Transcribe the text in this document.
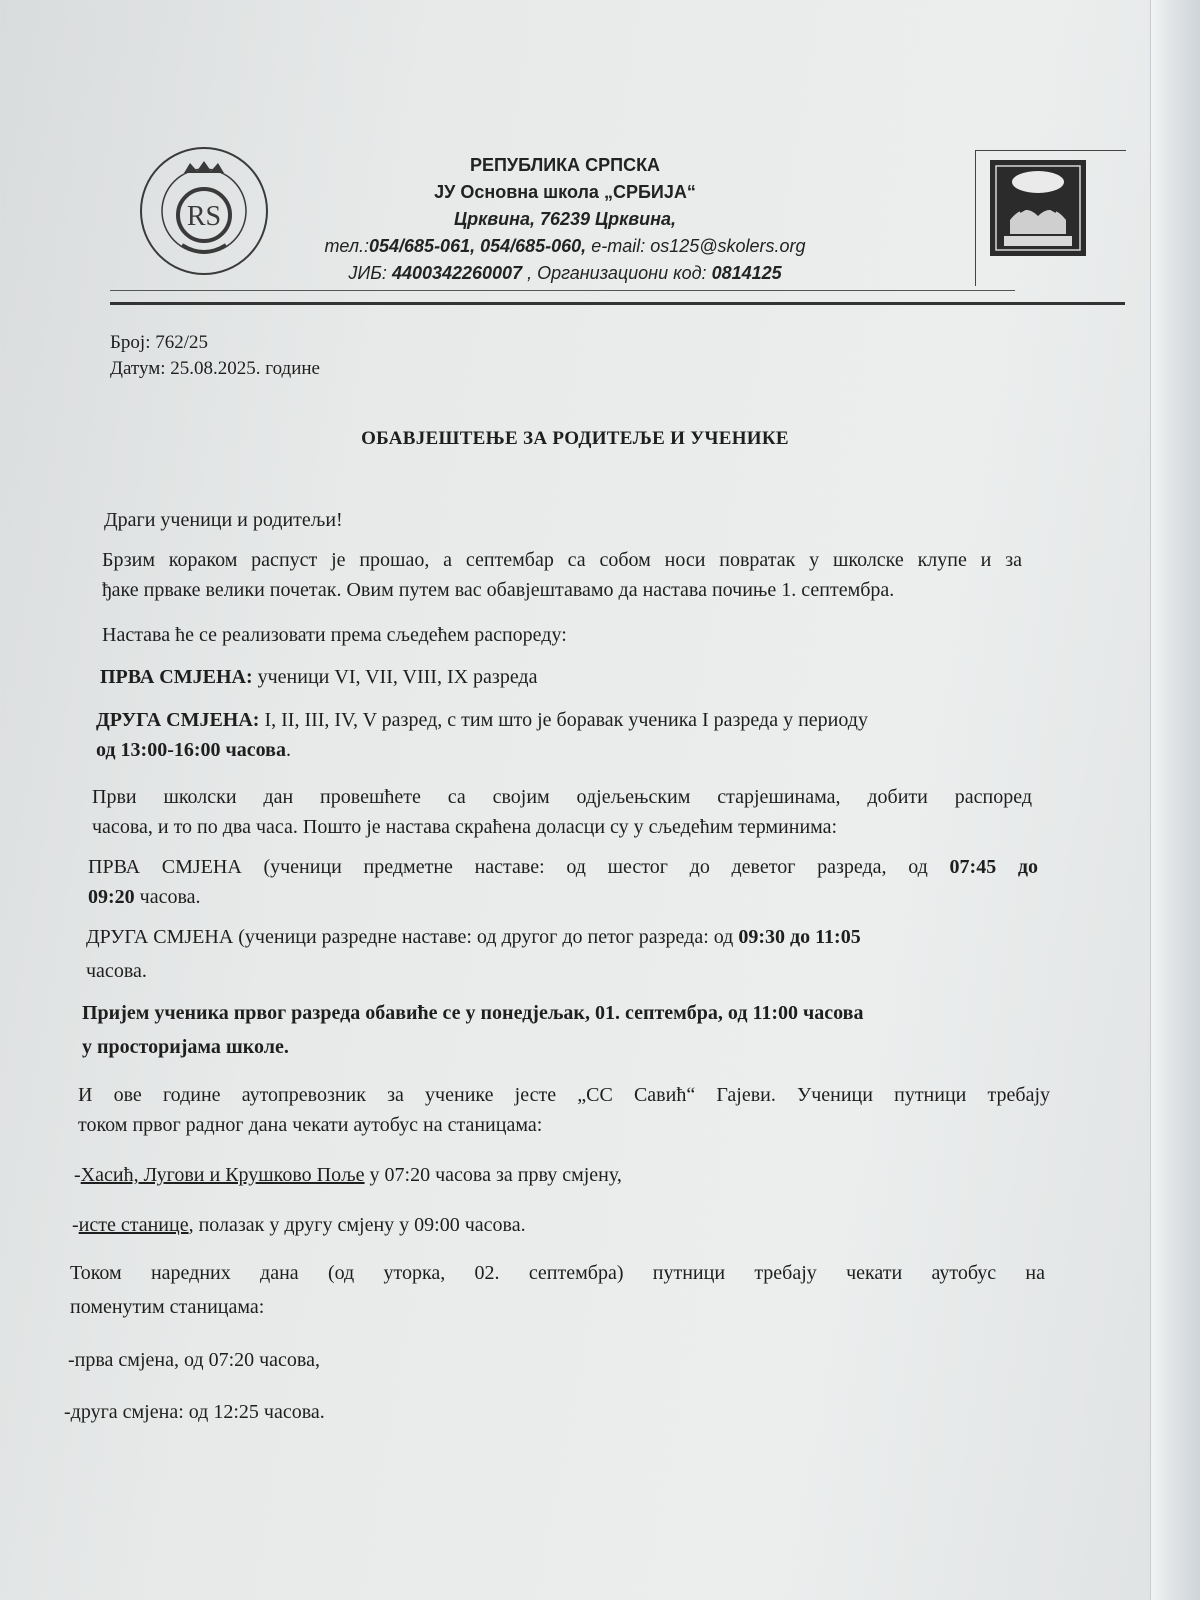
RS
РЕПУБЛИКА СРПСКА
ЈУ Основна школа „СРБИЈА“
Црквина, 76239 Црквина,
тел.:054/685-061, 054/685-060, e-mail: os125@skolers.org
ЈИБ: 4400342260007 , Организациони код: 0814125
Број: 762/25
Датум: 25.08.2025. године
ОБАВЈЕШТЕЊЕ ЗА РОДИТЕЉЕ И УЧЕНИКЕ
Драги ученици и родитељи!
Брзим кораком распуст је прошао, а септембар са собом носи повратак у школске клупе и за
ђаке прваке велики почетак. Овим путем вас обавјештавамо да настава почиње 1. септембра.
Настава ће се реализовати према сљедећем распореду:
ПРВА СМЈЕНА: ученици VI, VII, VIII, IX разреда
ДРУГА СМЈЕНА: I, II, III, IV, V разред, с тим што је боравак ученика I разреда у периоду
од 13:00-16:00 часова.
Први школски дан провешћете са својим одјељењским старјешинама, добити распоред
часова, и то по два часа. Пошто је настава скраћена доласци су у сљедећим терминима:
ПРВА СМЈЕНА (ученици предметне наставе: од шестог до деветог разреда, од 07:45 до
09:20 часова.
ДРУГА СМЈЕНА (ученици разредне наставе: од другог до петог разреда: од 09:30 до 11:05
часова.
Пријем ученика првог разреда обавиће се у понедјељак, 01. септембра, од 11:00 часова
у просторијама школе.
И ове године аутопревозник за ученике јесте „СС Савић“ Гајеви. Ученици путници требају
током првог радног дана чекати аутобус на станицама:
-Хасић, Лугови и Крушково Поље у 07:20 часова за прву смјену,
-исте станице, полазак у другу смјену у 09:00 часова.
Током наредних дана (од уторка, 02. септембра) путници требају чекати аутобус на
поменутим станицама:
-прва смјена, од 07:20 часова,
-друга смјена: од 12:25 часова.
